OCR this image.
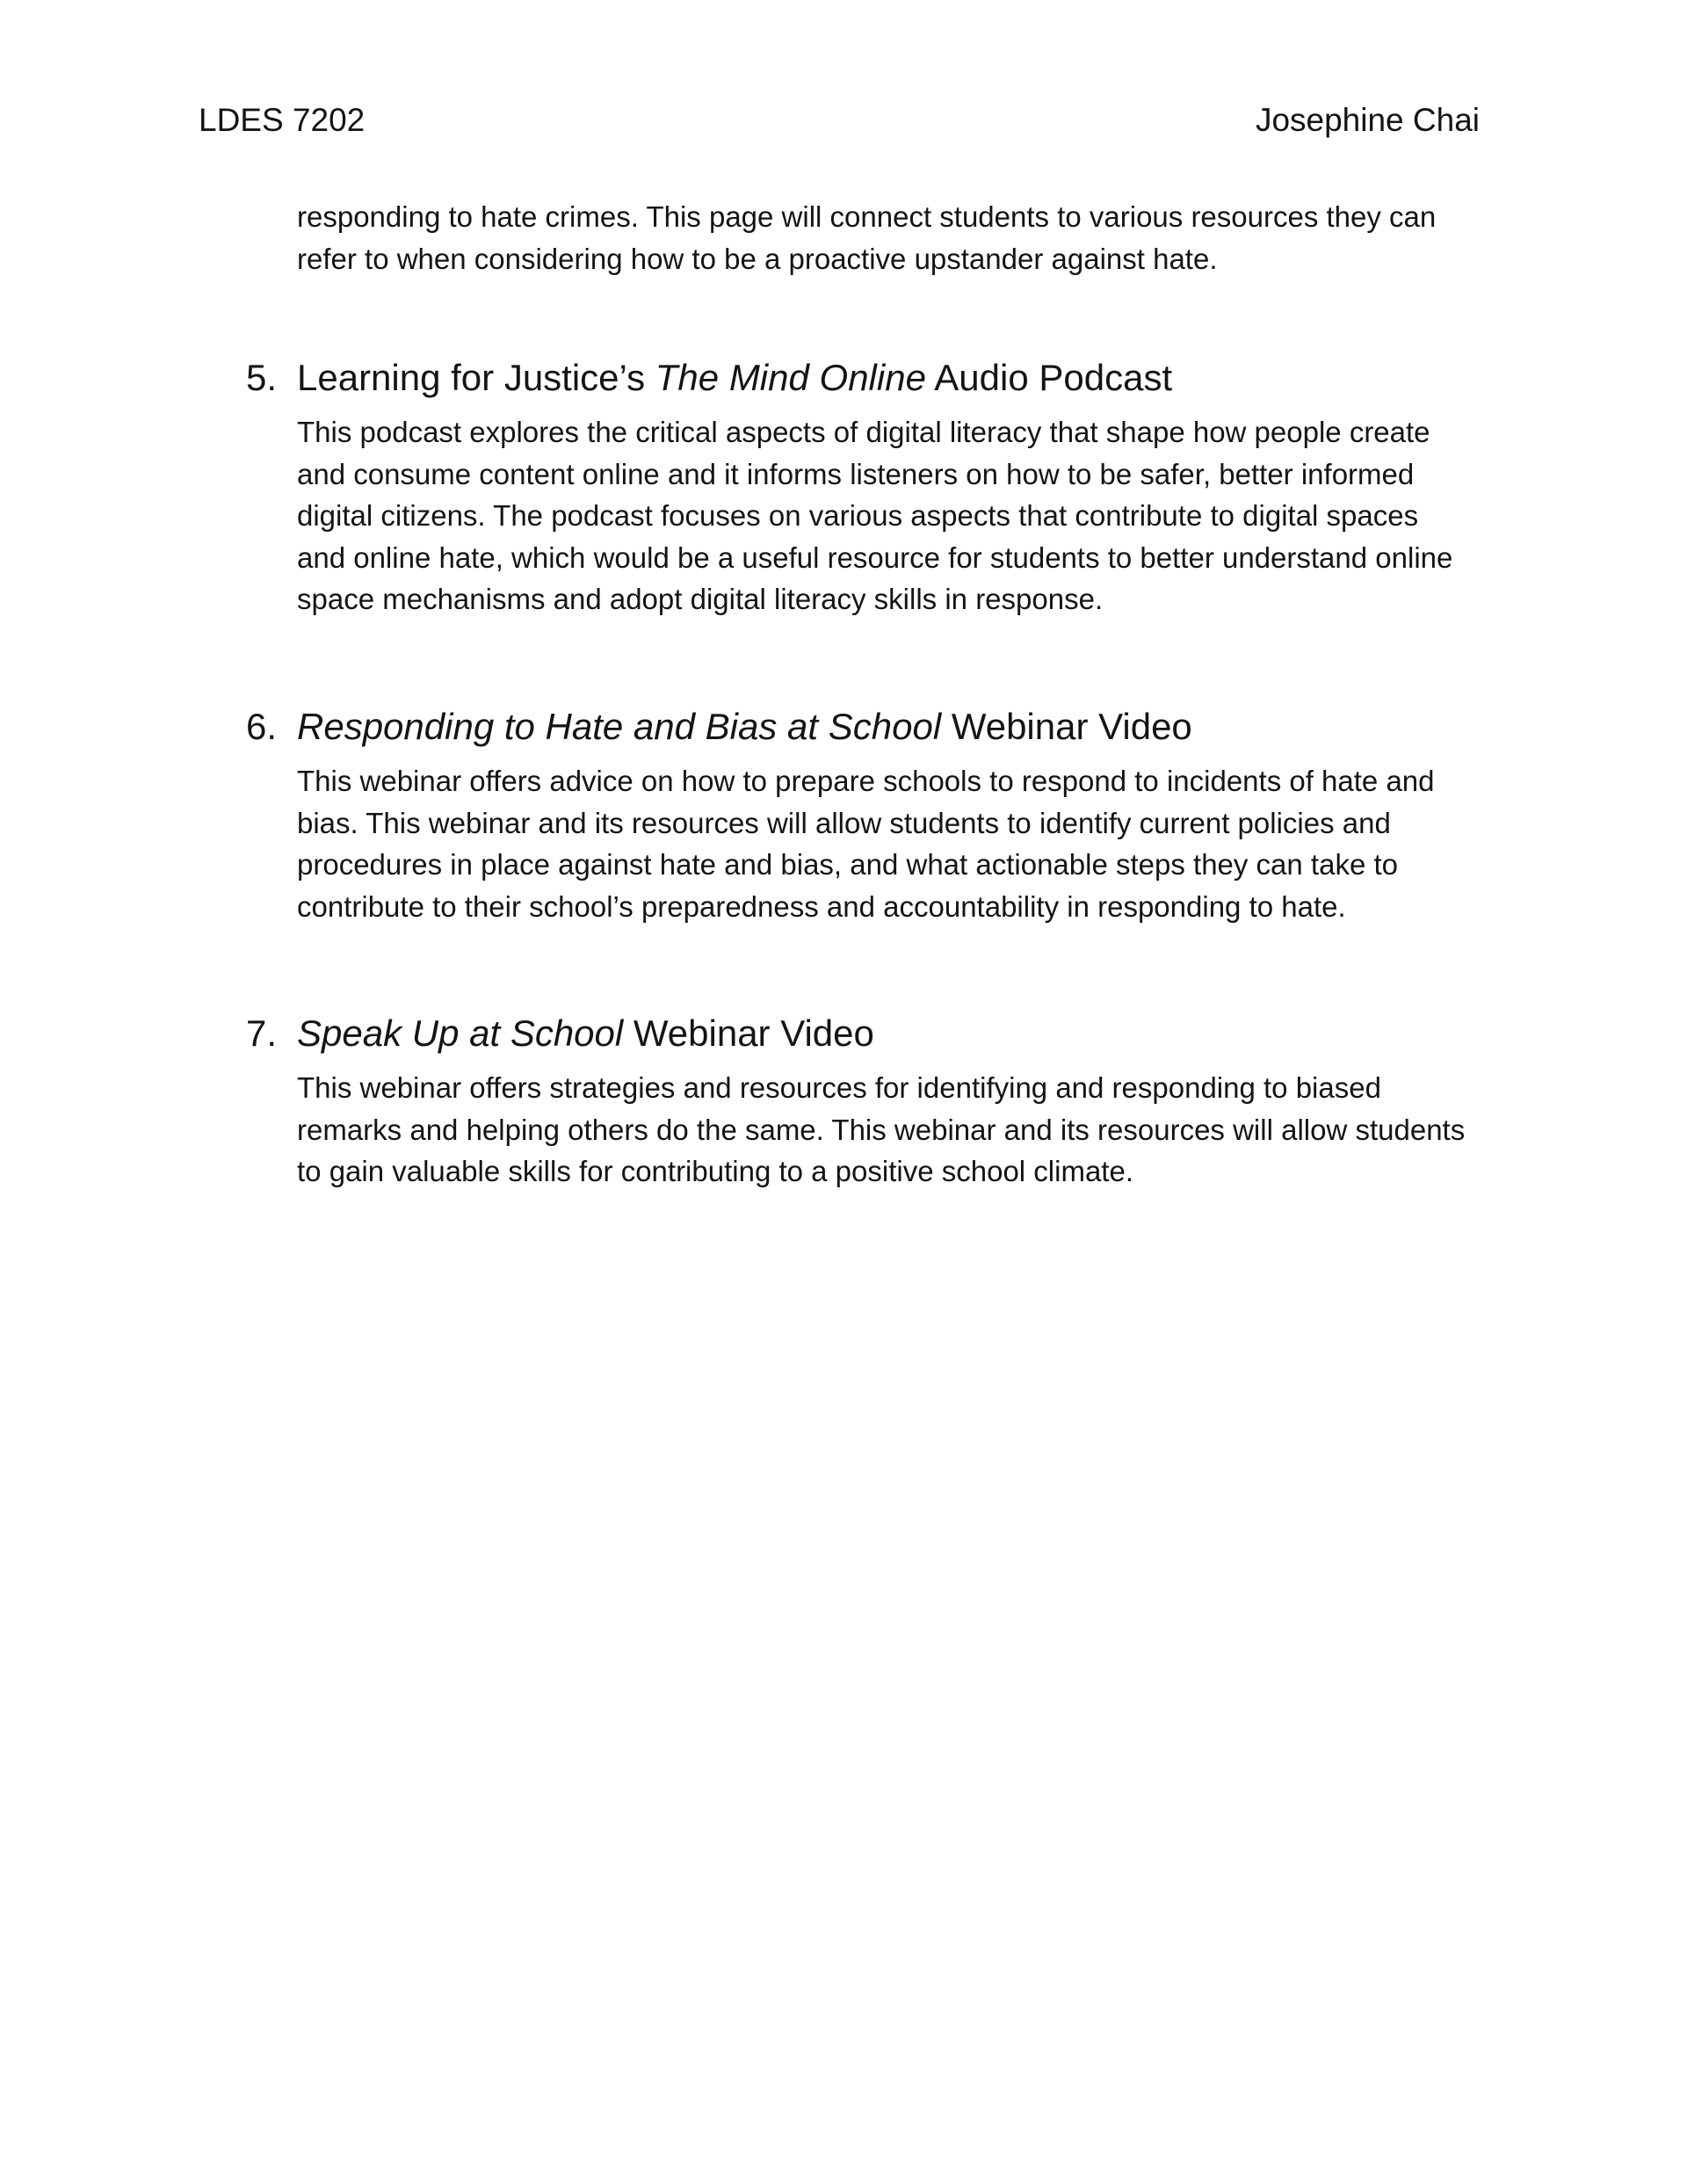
LDES 7202	Josephine Chai

responding to hate crimes. This page will connect students to various resources they can
refer to when considering how to be a proactive upstander against hate.

5. Learning for Justice’s The Mind Online Audio Podcast

This podcast explores the critical aspects of digital literacy that shape how people create
and consume content online and it informs listeners on how to be safer, better informed
digital citizens. The podcast focuses on various aspects that contribute to digital spaces
and online hate, which would be a useful resource for students to better understand online
space mechanisms and adopt digital literacy skills in response.

6. Responding to Hate and Bias at School Webinar Video

This webinar offers advice on how to prepare schools to respond to incidents of hate and
bias. This webinar and its resources will allow students to identify current policies and
procedures in place against hate and bias, and what actionable steps they can take to
contribute to their school’s preparedness and accountability in responding to hate.

7. Speak Up at School Webinar Video

This webinar offers strategies and resources for identifying and responding to biased
remarks and helping others do the same. This webinar and its resources will allow students
to gain valuable skills for contributing to a positive school climate.
